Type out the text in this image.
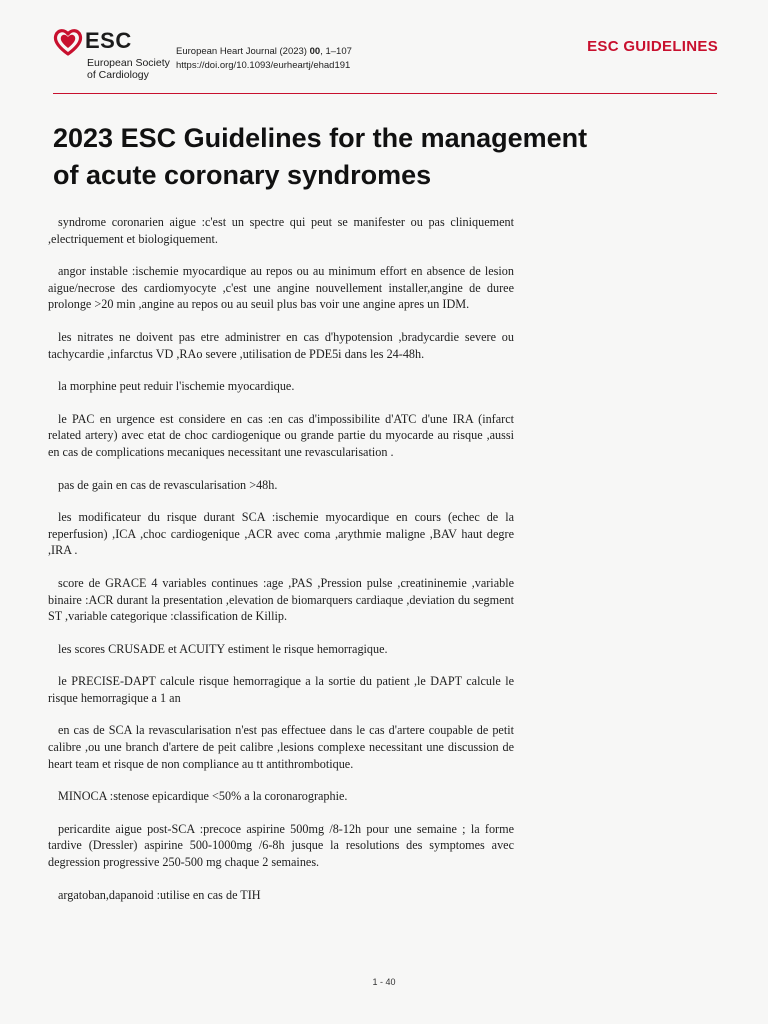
ESC
European Society
of Cardiology
European Heart Journal (2023) 00, 1–107
https://doi.org/10.1093/eurheartj/ehad191
ESC GUIDELINES
2023 ESC Guidelines for the management
of acute coronary syndromes

syndrome coronarien aigue :c'est un spectre qui peut se manifester ou pas cliniquement ,electriquement et biologiquement.

angor instable :ischemie myocardique au repos ou au minimum effort en absence de lesion aigue/necrose des cardiomyocyte ,c'est une angine nouvellement installer,angine de duree prolonge >20 min ,angine au repos ou au seuil plus bas voir une angine apres un IDM.

les nitrates ne doivent pas etre administrer en cas d'hypotension ,bradycardie severe ou tachycardie ,infarctus VD ,RAo severe ,utilisation de PDE5i dans les 24-48h.

la morphine peut reduir l'ischemie myocardique.

le PAC en urgence est considere en cas :en cas d'impossibilite d'ATC d'une IRA (infarct related artery) avec etat de choc cardiogenique ou grande partie du myocarde au risque ,aussi en cas de complications mecaniques necessitant une revascularisation .

pas de gain en cas de revascularisation >48h.

les modificateur du risque durant SCA :ischemie myocardique en cours (echec de la reperfusion) ,ICA ,choc cardiogenique ,ACR avec coma ,arythmie maligne ,BAV haut degre ,IRA .

score de GRACE 4 variables continues :age ,PAS ,Pression pulse ,creatininemie ,variable binaire :ACR durant la presentation ,elevation de biomarquers cardiaque ,deviation du segment ST ,variable categorique :classification de Killip.

les scores CRUSADE et ACUITY estiment le risque hemorragique.

le PRECISE-DAPT calcule risque hemorragique a la sortie du patient ,le DAPT calcule le risque hemorragique a 1 an

en cas de SCA la revascularisation n'est pas effectuee dans le cas d'artere coupable de petit calibre ,ou une branch d'artere de peit calibre ,lesions complexe necessitant une discussion de heart team et risque de non compliance au tt antithrombotique.

MINOCA :stenose epicardique <50% a la coronarographie.

pericardite aigue post-SCA :precoce aspirine 500mg /8-12h pour une semaine ; la forme tardive (Dressler) aspirine 500-1000mg /6-8h jusque la resolutions des symptomes avec degression progressive 250-500 mg chaque 2 semaines.

argatoban,dapanoid :utilise en cas de TIH

1 - 40
